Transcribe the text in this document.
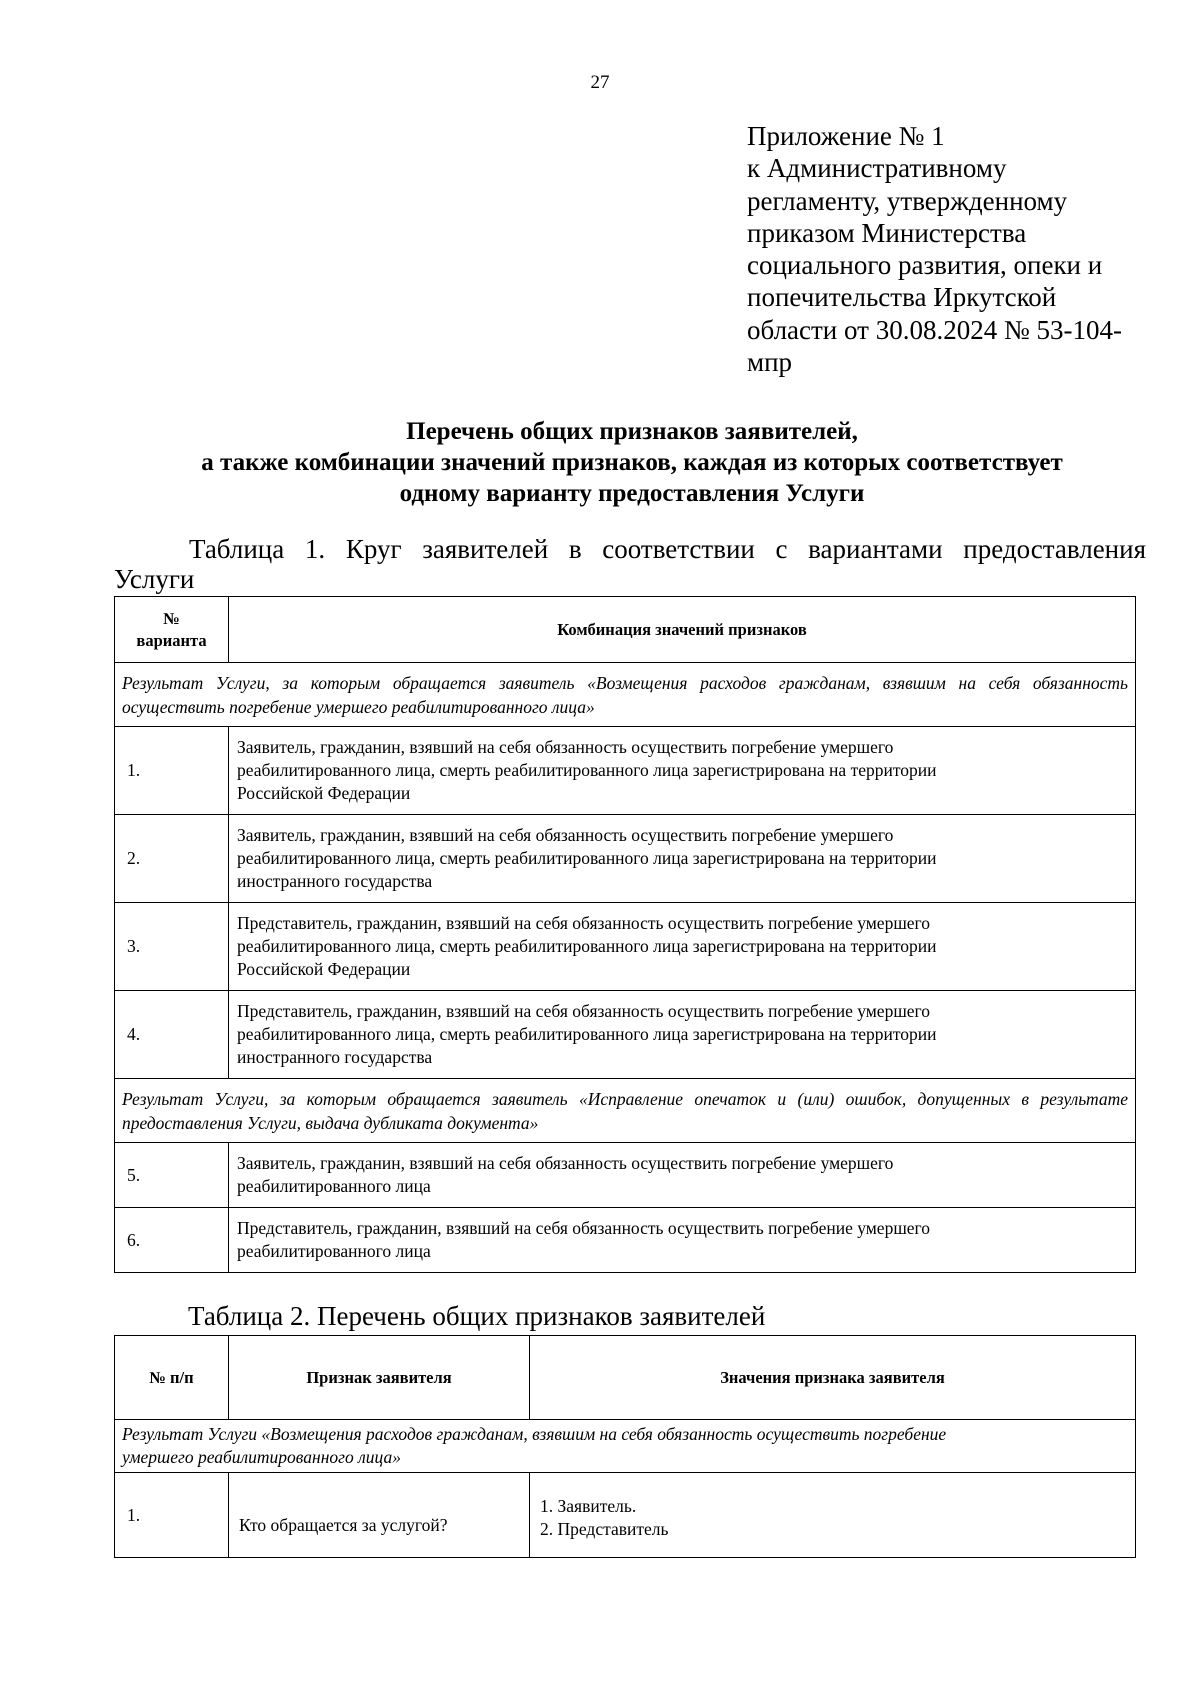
27
Приложение № 1
к Административному
регламенту, утвержденному
приказом Министерства
социального развития, опеки и
попечительства Иркутской
области от 30.08.2024 № 53-104-
мпр
Перечень общих признаков заявителей,
а также комбинации значений признаков, каждая из которых соответствует
одному варианту предоставления Услуги
Таблица 1. Круг заявителей в соответствии с вариантами предоставления
Услуги
№
варианта	Комбинация значений признаков
Результат Услуги, за которым обращается заявитель «Возмещения расходов гражданам, взявшим на себя обязанность осуществить погребение умершего реабилитированного лица»	
1.	Заявитель, гражданин, взявший на себя обязанность осуществить погребение умершего
реабилитированного лица, смерть реабилитированного лица зарегистрирована на территории
Российской Федерации

2.	Заявитель, гражданин, взявший на себя обязанность осуществить погребение умершего
реабилитированного лица, смерть реабилитированного лица зарегистрирована на территории
иностранного государства

3.	Представитель, гражданин, взявший на себя обязанность осуществить погребение умершего
реабилитированного лица, смерть реабилитированного лица зарегистрирована на территории
Российской Федерации

4.	Представитель, гражданин, взявший на себя обязанность осуществить погребение умершего
реабилитированного лица, смерть реабилитированного лица зарегистрирована на территории
иностранного государства

Результат Услуги, за которым обращается заявитель «Исправление опечаток и (или) ошибок, допущенных в результате предоставления Услуги, выдача дубликата документа»	
5.	Заявитель, гражданин, взявший на себя обязанность осуществить погребение умершего
реабилитированного лица

6.	Представитель, гражданин, взявший на себя обязанность осуществить погребение умершего
реабилитированного лица
Таблица 2. Перечень общих признаков заявителей
№ п/п	Признак заявителя	Значения признака заявителя

Результат Услуги «Возмещения расходов гражданам, взявшим на себя обязанность осуществить погребение
умершего реабилитированного лица»		

1.	Кто обращается за услугой?	1. Заявитель.
2. Представитель
